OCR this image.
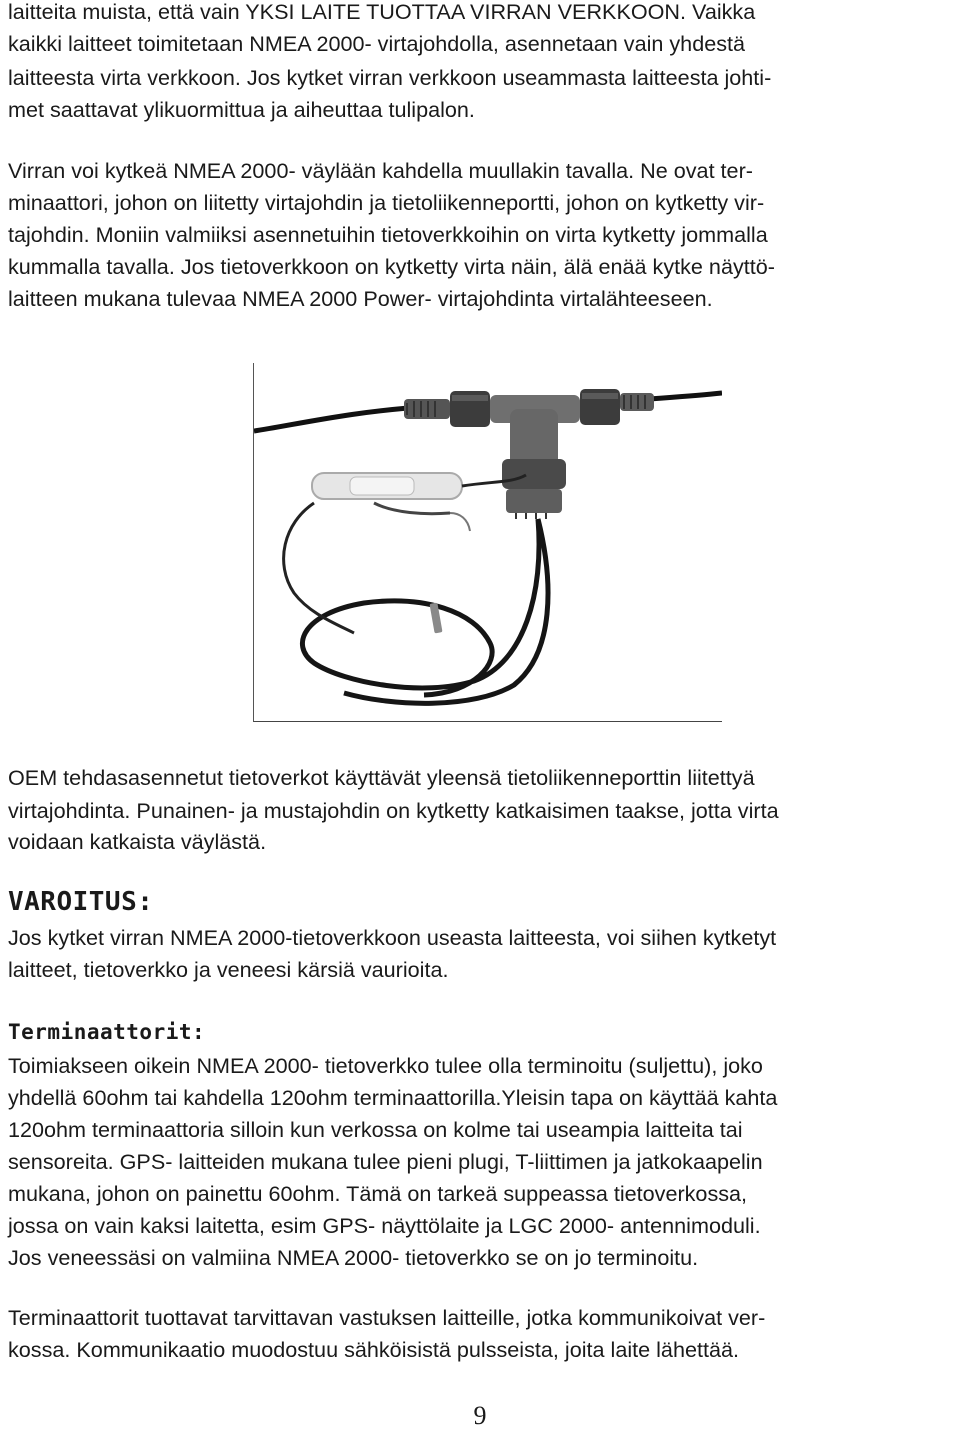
laitteita muista, että vain YKSI LAITE TUOTTAA VIRRAN VERKKOON. Vaikka
kaikki laitteet toimitetaan NMEA 2000- virtajohdolla, asennetaan vain yhdestä
laitteesta virta verkkoon. Jos kytket virran verkkoon useammasta laitteesta johti-
met saattavat ylikuormittua ja aiheuttaa tulipalon.
Virran voi kytkeä NMEA 2000- väylään kahdella muullakin tavalla. Ne ovat ter-
minaattori, johon on liitetty virtajohdin ja tietoliikenneportti, johon on kytketty vir-
tajohdin. Moniin valmiiksi asennetuihin tietoverkkoihin on virta kytketty jommalla
kummalla tavalla. Jos tietoverkkoon on kytketty virta näin, älä enää kytke näyttö-
laitteen mukana tulevaa NMEA 2000 Power- virtajohdinta virtalähteeseen.
OEM tehdasasennetut tietoverkot käyttävät yleensä tietoliikenneporttin liitettyä
virtajohdinta. Punainen- ja mustajohdin on kytketty katkaisimen taakse, jotta virta
voidaan katkaista väylästä.
VAROITUS:
Jos kytket virran NMEA 2000-tietoverkkoon useasta laitteesta, voi siihen kytketyt
laitteet, tietoverkko ja veneesi kärsiä vaurioita.
Terminaattorit:
Toimiakseen oikein NMEA 2000- tietoverkko tulee olla terminoitu (suljettu), joko
yhdellä 60ohm tai kahdella 120ohm terminaattorilla.Yleisin tapa on käyttää kahta
120ohm terminaattoria silloin kun verkossa on kolme tai useampia laitteita tai
sensoreita. GPS- laitteiden mukana tulee pieni plugi, T-liittimen ja jatkokaapelin
mukana, johon on painettu 60ohm. Tämä on tarkeä suppeassa tietoverkossa,
jossa on vain kaksi laitetta, esim GPS- näyttölaite ja LGC 2000- antennimoduli.
Jos veneessäsi on valmiina NMEA 2000- tietoverkko se on jo terminoitu.
Terminaattorit tuottavat tarvittavan vastuksen laitteille, jotka kommunikoivat ver-
kossa. Kommunikaatio muodostuu sähköisistä pulsseista, joita laite lähettää.
9
